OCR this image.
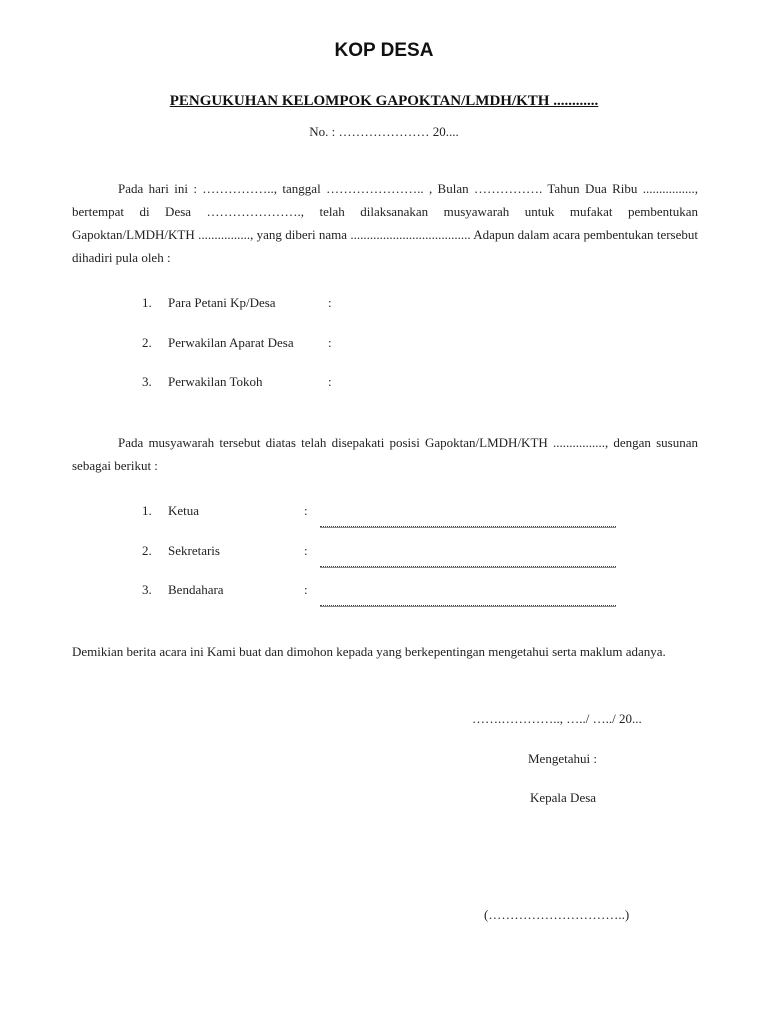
KOP DESA
PENGUKUHAN KELOMPOK GAPOKTAN/LMDH/KTH ............
No. : ………………… 20....
Pada hari ini : …………….., tanggal ………………….. , Bulan ……………. Tahun Dua Ribu ................, bertempat di Desa …………………., telah dilaksanakan musyawarah untuk mufakat pembentukan Gapoktan/LMDH/KTH ................, yang diberi nama ..................................... Adapun dalam acara pembentukan tersebut dihadiri pula oleh :
1.	Para Petani Kp/Desa	:
2.	Perwakilan Aparat Desa	:
3.	Perwakilan Tokoh	:
Pada musyawarah tersebut diatas telah disepakati posisi Gapoktan/LMDH/KTH ................, dengan susunan sebagai berikut :
1.	Ketua	:
2.	Sekretaris	:
3.	Bendahara	:
Demikian berita acara ini Kami buat dan dimohon kepada yang berkepentingan mengetahui serta maklum adanya.
…….………….., …../ …../ 20...
Mengetahui :
Kepala Desa
(…………………………..)
